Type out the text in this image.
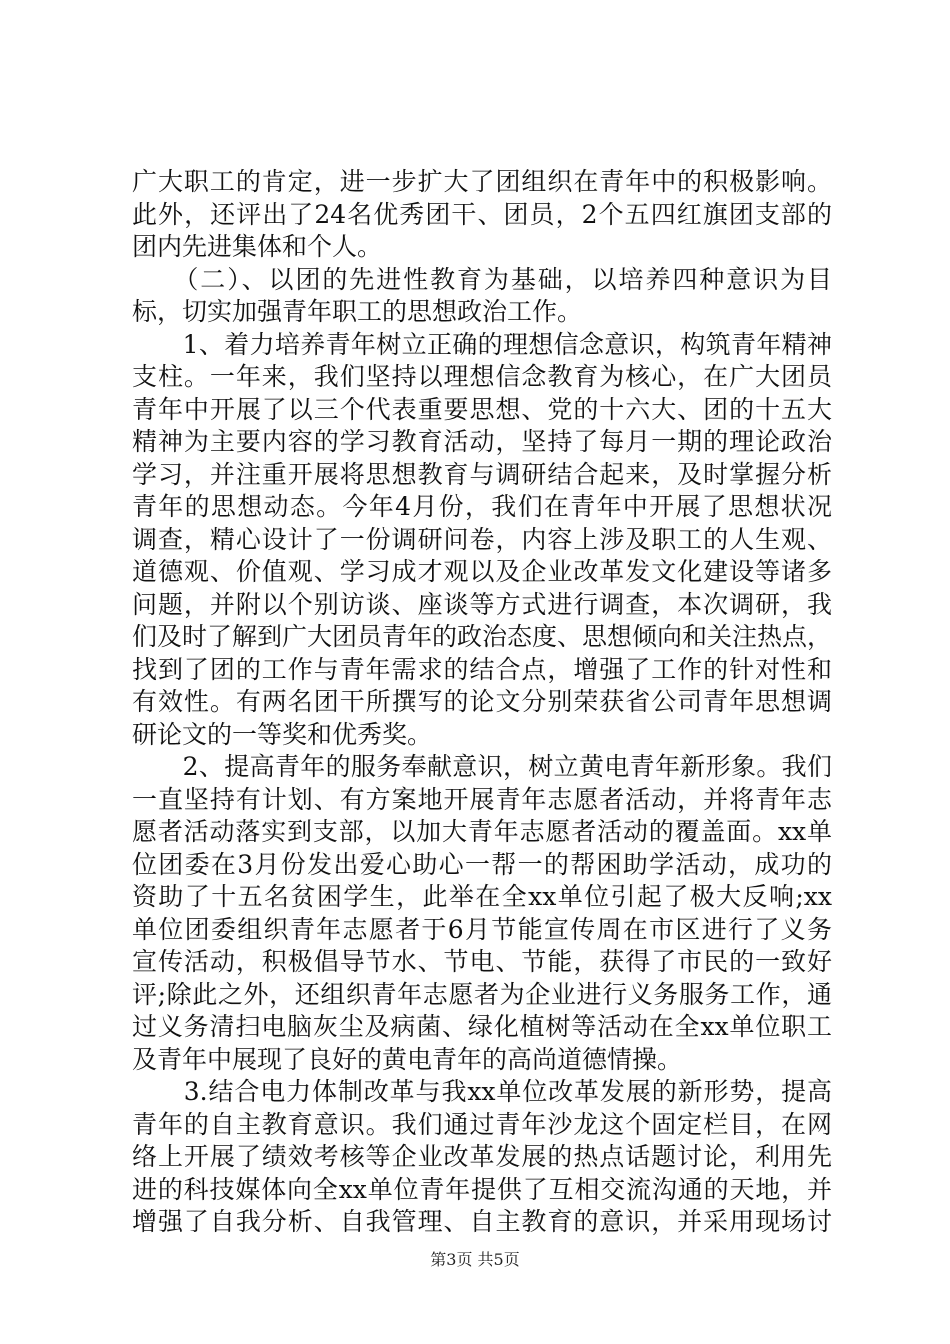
广大职工的肯定，进一步扩大了团组织在青年中的积极影响。
此外，还评出了24名优秀团干、团员，2个五四红旗团支部的
团内先进集体和个人。
　　（二）、以团的先进性教育为基础，以培养四种意识为目
标，切实加强青年职工的思想政治工作。
　　1、着力培养青年树立正确的理想信念意识，构筑青年精神
支柱。一年来，我们坚持以理想信念教育为核心，在广大团员
青年中开展了以三个代表重要思想、党的十六大、团的十五大
精神为主要内容的学习教育活动，坚持了每月一期的理论政治
学习，并注重开展将思想教育与调研结合起来，及时掌握分析
青年的思想动态。今年4月份，我们在青年中开展了思想状况
调查，精心设计了一份调研问卷，内容上涉及职工的人生观、
道德观、价值观、学习成才观以及企业改革发文化建设等诸多
问题，并附以个别访谈、座谈等方式进行调查，本次调研，我
们及时了解到广大团员青年的政治态度、思想倾向和关注热点，
找到了团的工作与青年需求的结合点，增强了工作的针对性和
有效性。有两名团干所撰写的论文分别荣获省公司青年思想调
研论文的一等奖和优秀奖。
　　2、提高青年的服务奉献意识，树立黄电青年新形象。我们
一直坚持有计划、有方案地开展青年志愿者活动，并将青年志
愿者活动落实到支部，以加大青年志愿者活动的覆盖面。xx单
位团委在3月份发出爱心助心一帮一的帮困助学活动，成功的
资助了十五名贫困学生，此举在全xx单位引起了极大反响;xx
单位团委组织青年志愿者于6月节能宣传周在市区进行了义务
宣传活动，积极倡导节水、节电、节能，获得了市民的一致好
评;除此之外，还组织青年志愿者为企业进行义务服务工作，通
过义务清扫电脑灰尘及病菌、绿化植树等活动在全xx单位职工
及青年中展现了良好的黄电青年的高尚道德情操。
　　3.结合电力体制改革与我xx单位改革发展的新形势，提高
青年的自主教育意识。我们通过青年沙龙这个固定栏目，在网
络上开展了绩效考核等企业改革发展的热点话题讨论，利用先
进的科技媒体向全xx单位青年提供了互相交流沟通的天地，并
增强了自我分析、自我管理、自主教育的意识，并采用现场讨
第3页 共5页
